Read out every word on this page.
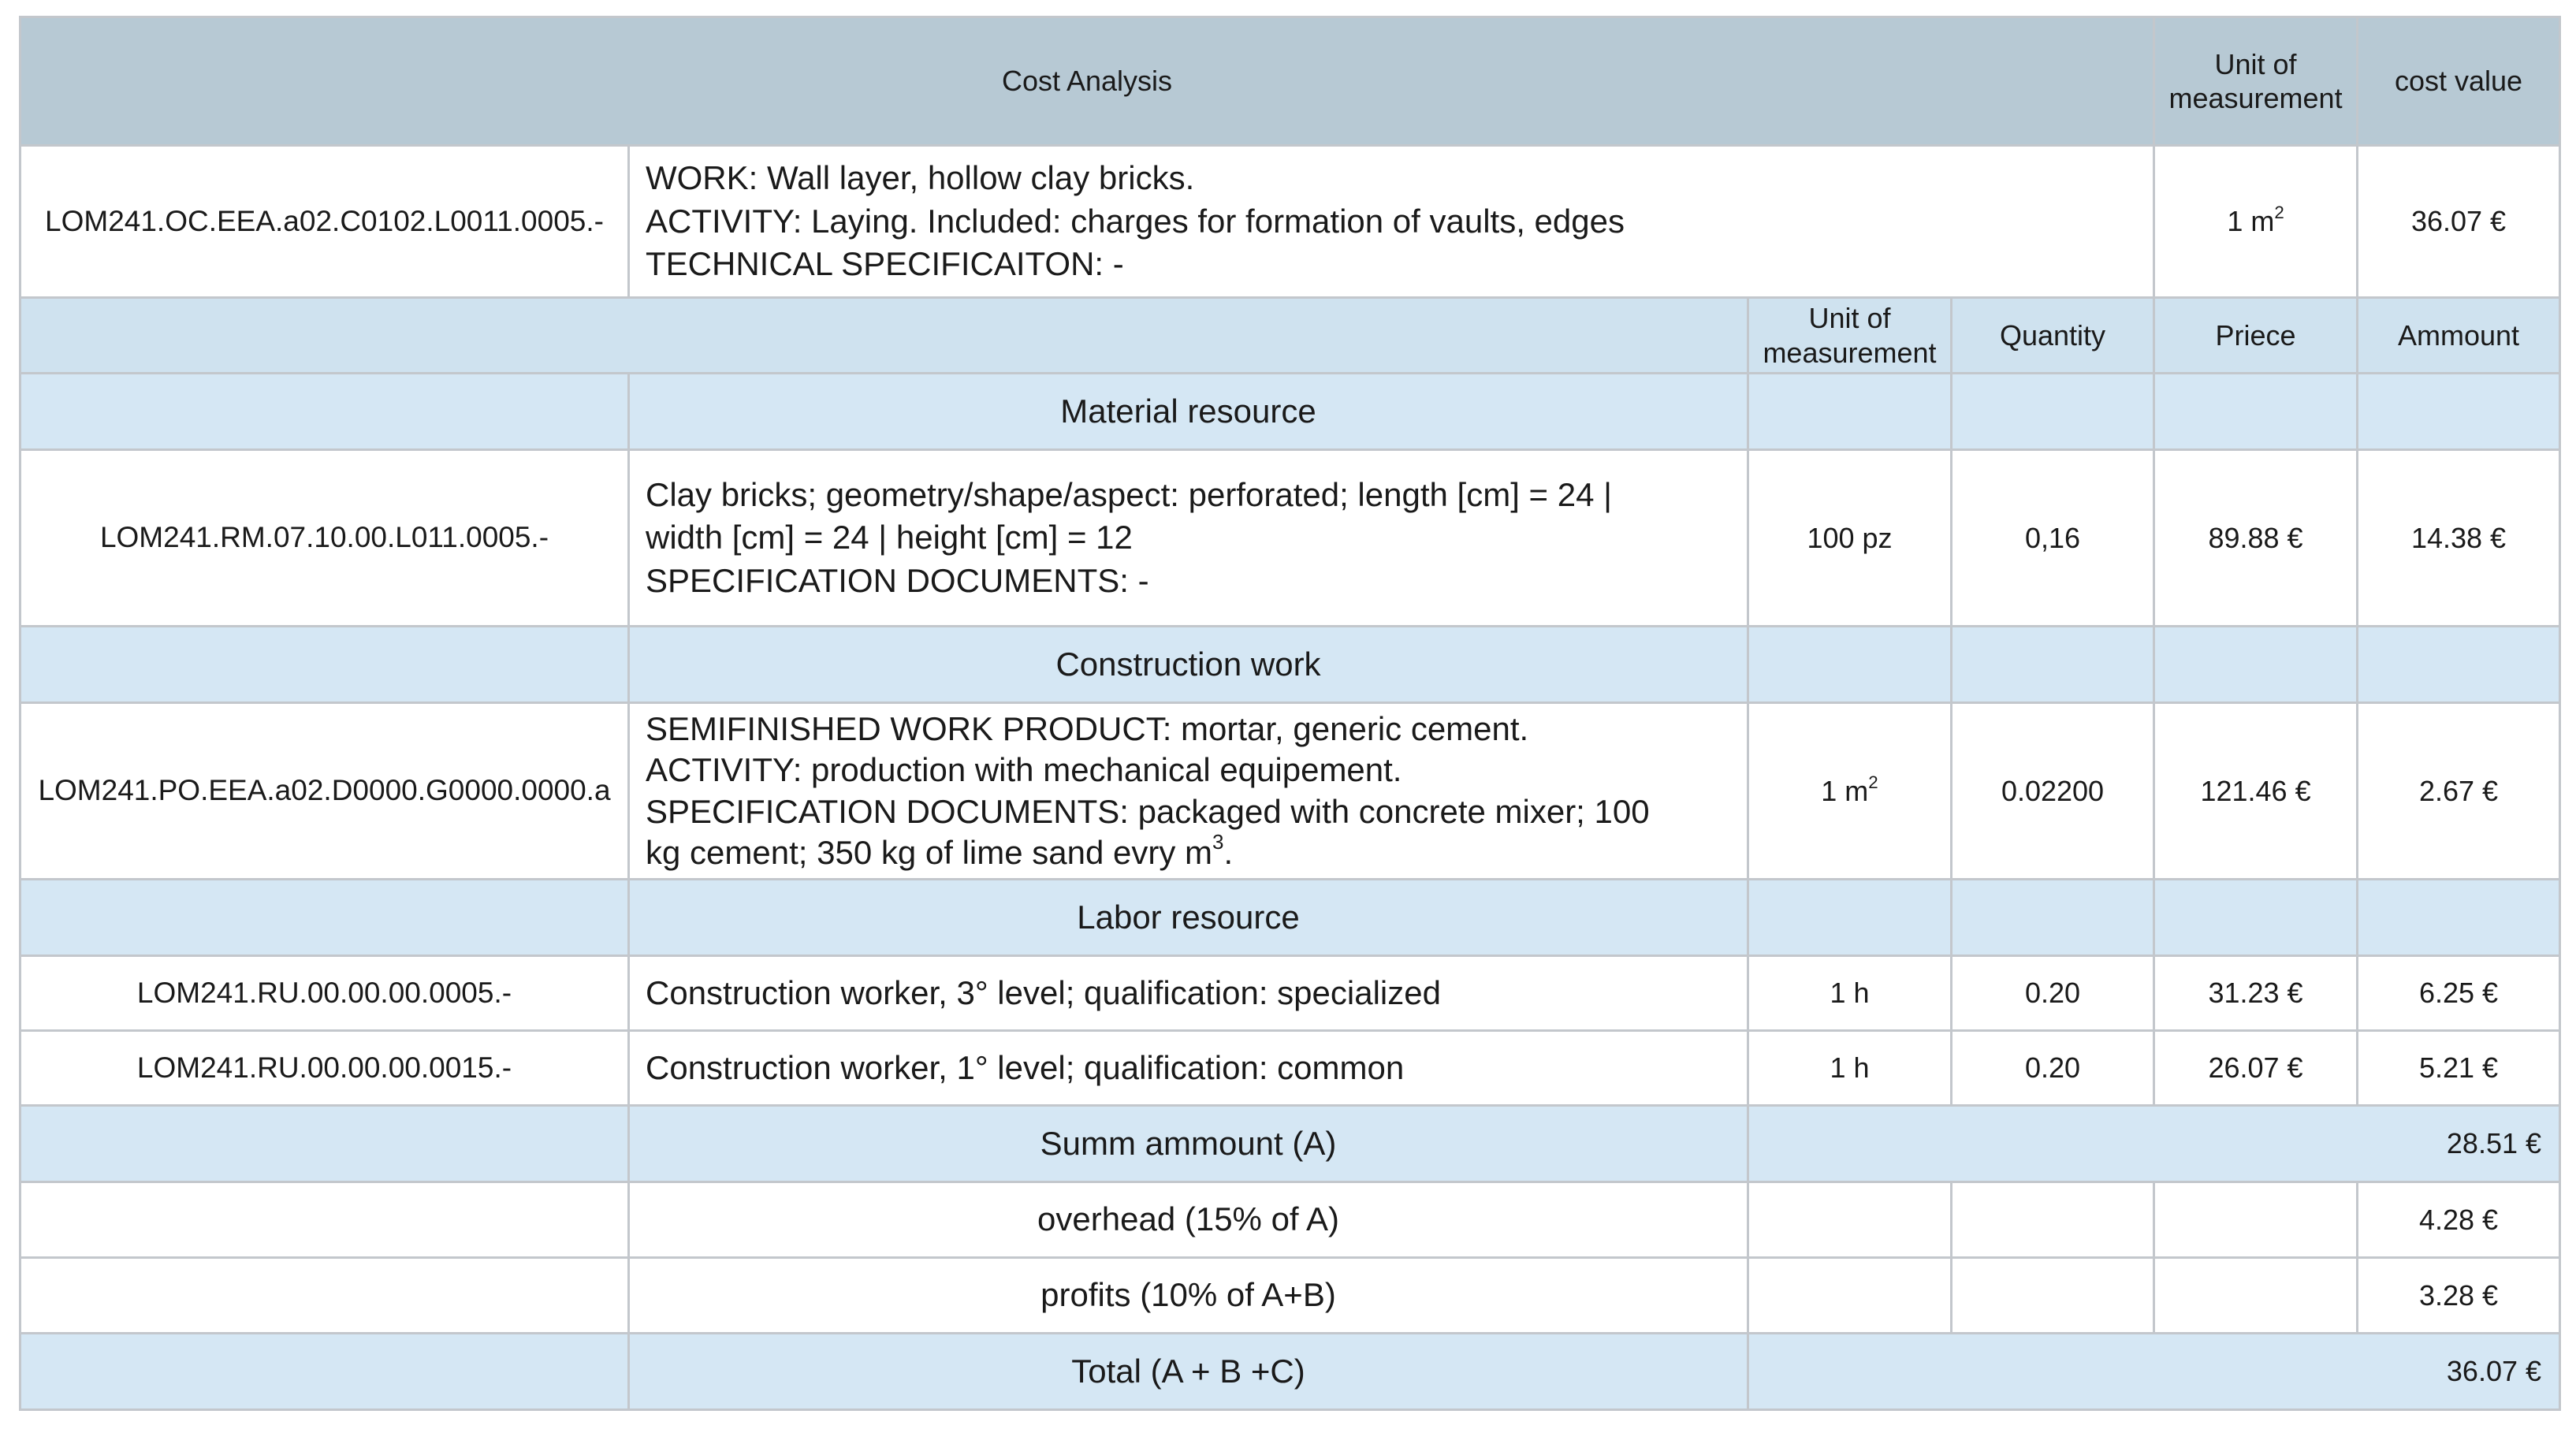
Cost Analysis				Unit of measurement	cost value
LOM241.OC.EEA.a02.C0102.L0011.0005.-	WORK: Wall layer, hollow clay bricks.
ACTIVITY: Laying. Included: charges for formation of vaults, edges
TECHNICAL SPECIFICAITON: -			1 $m^2$	36.07 €
		Unit of measurement	Quantity	Priece	Ammount
	Material resource				
LOM241.RM.07.10.00.L011.0005.-	Clay bricks; geometry/shape/aspect: perforated; length [cm] = 24 |
width [cm] = 24 | height [cm] = 12
SPECIFICATION DOCUMENTS: -	100 pz	0,16	89.88 €	14.38 €
	Construction work				
LOM241.PO.EEA.a02.D0000.G0000.0000.a	SEMIFINISHED WORK PRODUCT: mortar, generic cement.
ACTIVITY: production with mechanical equipement.
SPECIFICATION DOCUMENTS: packaged with concrete mixer; 100
kg cement; 350 kg of lime sand evry $m^3$.	1 $m^2$	0.02200	121.46 €	2.67 €
	Labor resource				
LOM241.RU.00.00.00.0005.-	Construction worker, 3° level; qualification: specialized	1 h	0.20	31.23 €	6.25 €
LOM241.RU.00.00.00.0015.-	Construction worker, 1° level; qualification: common	1 h	0.20	26.07 €	5.21 €
	Summ ammount (A)	28.51 €			
	overhead (15% of A)				4.28 €
	profits (10% of A+B)				3.28 €
	Total (A + B +C)	36.07 €			
